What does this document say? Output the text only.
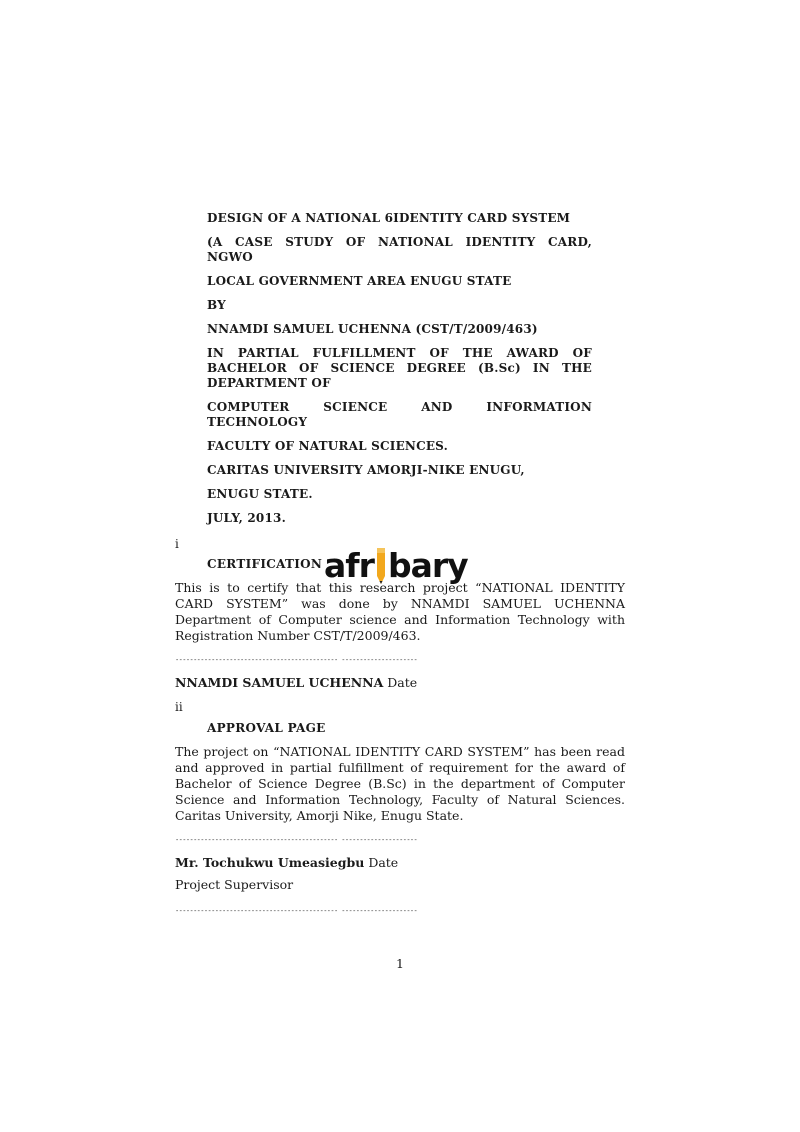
DESIGN OF A NATIONAL 6IDENTITY CARD SYSTEM
(A CASE STUDY OF NATIONAL IDENTITY CARD, NGWO
LOCAL GOVERNMENT AREA ENUGU STATE
BY
NNAMDI SAMUEL UCHENNA (CST/T/2009/463)
IN PARTIAL FULFILLMENT OF THE AWARD OF BACHELOR OF SCIENCE DEGREE (B.Sc) IN THE DEPARTMENT OF
COMPUTER SCIENCE AND INFORMATION TECHNOLOGY
FACULTY OF NATURAL SCIENCES.
CARITAS UNIVERSITY AMORJI-NIKE ENUGU,
ENUGU STATE.
JULY, 2013.
i
CERTIFICATION afr bary
This is to certify that this research project “NATIONAL IDENTITY CARD SYSTEM” was done by NNAMDI SAMUEL UCHENNA Department of Computer science and Information Technology with Registration Number CST/T/2009/463.
--------------------------------------------- ---------------------
NNAMDI SAMUEL UCHENNA Date
ii
APPROVAL PAGE
The project on “NATIONAL IDENTITY CARD SYSTEM” has been read and approved in partial fulfillment of requirement for the award of Bachelor of Science Degree (B.Sc) in the department of Computer Science and Information Technology, Faculty of Natural Sciences. Caritas University, Amorji Nike, Enugu State.
--------------------------------------------- ---------------------
Mr. Tochukwu Umeasiegbu Date
Project Supervisor
--------------------------------------------- ---------------------
1
